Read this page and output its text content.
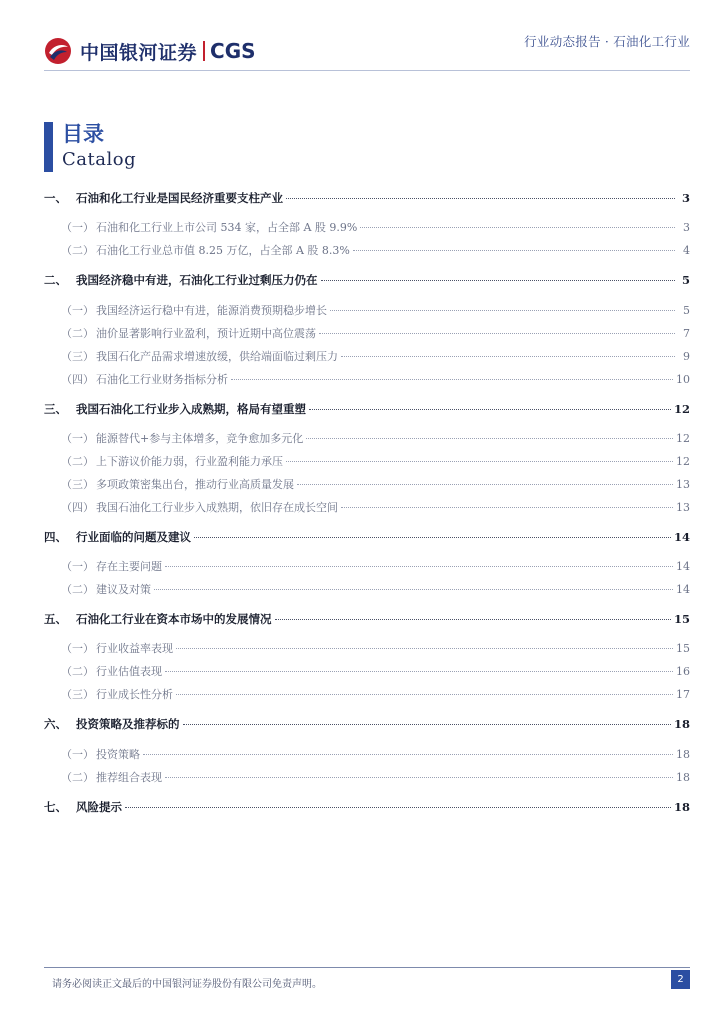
中国银河证券 CGS	行业动态报告 · 石油化工行业
目录
Catalog
一、 石油和化工行业是国民经济重要支柱产业	3
（一） 石油和化工行业上市公司 534 家，占全部 A 股 9.9%	3
（二） 石油化工行业总市值 8.25 万亿，占全部 A 股 8.3%	4
二、 我国经济稳中有进，石油化工行业过剩压力仍在	5
（一） 我国经济运行稳中有进，能源消费预期稳步增长	5
（二） 油价显著影响行业盈利，预计近期中高位震荡	7
（三） 我国石化产品需求增速放缓，供给端面临过剩压力	9
（四） 石油化工行业财务指标分析	10
三、 我国石油化工行业步入成熟期，格局有望重塑	12
（一） 能源替代+参与主体增多，竞争愈加多元化	12
（二） 上下游议价能力弱，行业盈利能力承压	12
（三） 多项政策密集出台，推动行业高质量发展	13
（四） 我国石油化工行业步入成熟期，依旧存在成长空间	13
四、 行业面临的问题及建议	14
（一） 存在主要问题	14
（二） 建议及对策	14
五、 石油化工行业在资本市场中的发展情况	15
（一） 行业收益率表现	15
（二） 行业估值表现	16
（三） 行业成长性分析	17
六、 投资策略及推荐标的	18
（一） 投资策略	18
（二） 推荐组合表现	18
七、 风险提示	18
请务必阅读正文最后的中国银河证券股份有限公司免责声明。	2
